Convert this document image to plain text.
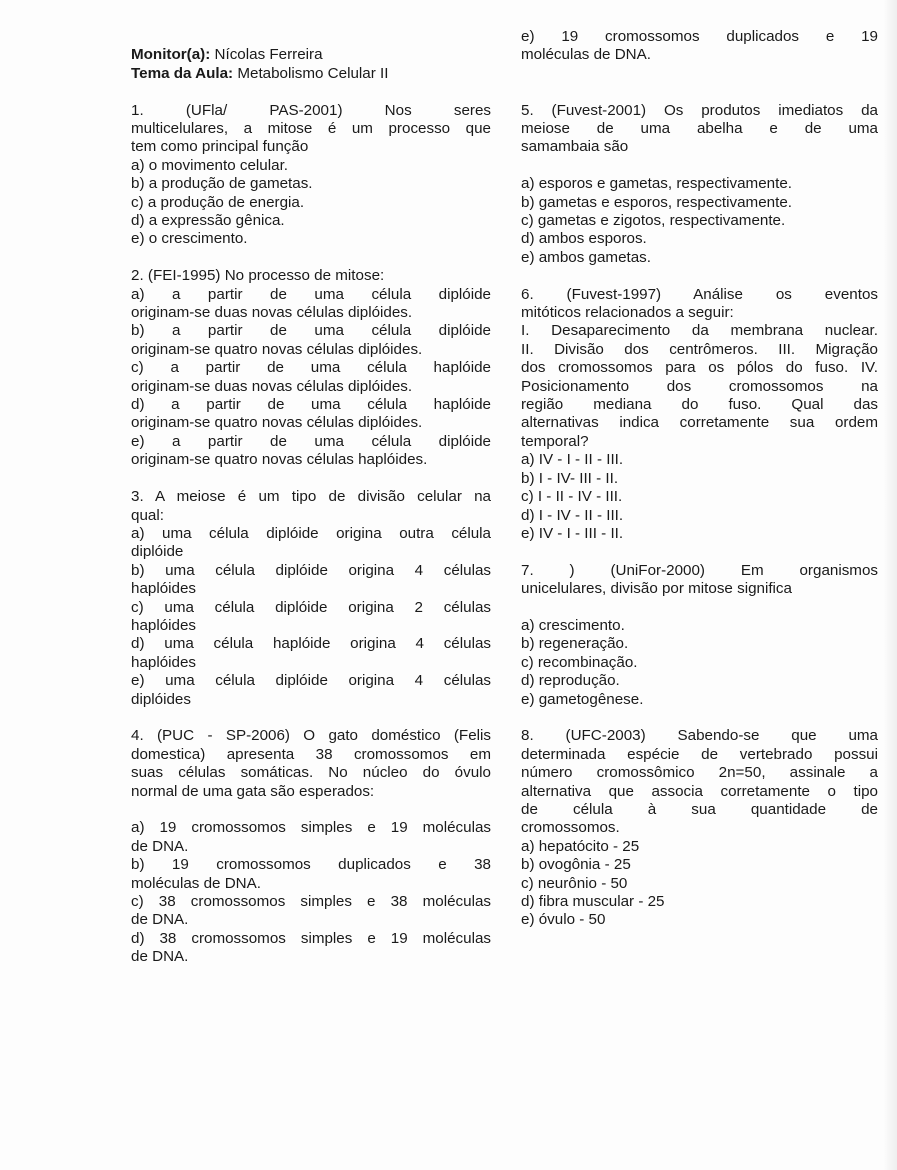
Monitor(a): Nícolas Ferreira
Tema da Aula: Metabolismo Celular II
1. (UFla/ PAS-2001) Nos seres
multicelulares, a mitose é um processo que
tem como principal função
a) o movimento celular.
b) a produção de gametas.
c) a produção de energia.
d) a expressão gênica.
e) o crescimento.
2. (FEI-1995) No processo de mitose:
a) a partir de uma célula diplóide
originam-se duas novas células diplóides.
b) a partir de uma célula diplóide
originam-se quatro novas células diplóides.
c) a partir de uma célula haplóide
originam-se duas novas células diplóides.
d) a partir de uma célula haplóide
originam-se quatro novas células diplóides.
e) a partir de uma célula diplóide
originam-se quatro novas células haplóides.
3. A meiose é um tipo de divisão celular na
qual:
a) uma célula diplóide origina outra célula
diplóide
b) uma célula diplóide origina 4 células
haplóides
c) uma célula diplóide origina 2 células
haplóides
d) uma célula haplóide origina 4 células
haplóides
e) uma célula diplóide origina 4 células
diplóides
4. (PUC - SP-2006) O gato doméstico (Felis
domestica) apresenta 38 cromossomos em
suas células somáticas. No núcleo do óvulo
normal de uma gata são esperados:
a) 19 cromossomos simples e 19 moléculas
de DNA.
b) 19 cromossomos duplicados e 38
moléculas de DNA.
c) 38 cromossomos simples e 38 moléculas
de DNA.
d) 38 cromossomos simples e 19 moléculas
de DNA.
e) 19 cromossomos duplicados e 19
moléculas de DNA.
5. (Fuvest-2001) Os produtos imediatos da
meiose de uma abelha e de uma
samambaia são
a) esporos e gametas, respectivamente.
b) gametas e esporos, respectivamente.
c) gametas e zigotos, respectivamente.
d) ambos esporos.
e) ambos gametas.
6. (Fuvest-1997) Análise os eventos
mitóticos relacionados a seguir:
I. Desaparecimento da membrana nuclear.
II. Divisão dos centrômeros. III. Migração
dos cromossomos para os pólos do fuso. IV.
Posicionamento dos cromossomos na
região mediana do fuso. Qual das
alternativas indica corretamente sua ordem
temporal?
a) IV - I - II - III.
b) I - IV- III - II.
c) I - II - IV - III.
d) I - IV - II - III.
e) IV - I - III - II.
7. ) (UniFor-2000) Em organismos
unicelulares, divisão por mitose significa
a) crescimento.
b) regeneração.
c) recombinação.
d) reprodução.
e) gametogênese.
8. (UFC-2003) Sabendo-se que uma
determinada espécie de vertebrado possui
número cromossômico 2n=50, assinale a
alternativa que associa corretamente o tipo
de célula à sua quantidade de
cromossomos.
a) hepatócito - 25
b) ovogônia - 25
c) neurônio - 50
d) fibra muscular - 25
e) óvulo - 50
